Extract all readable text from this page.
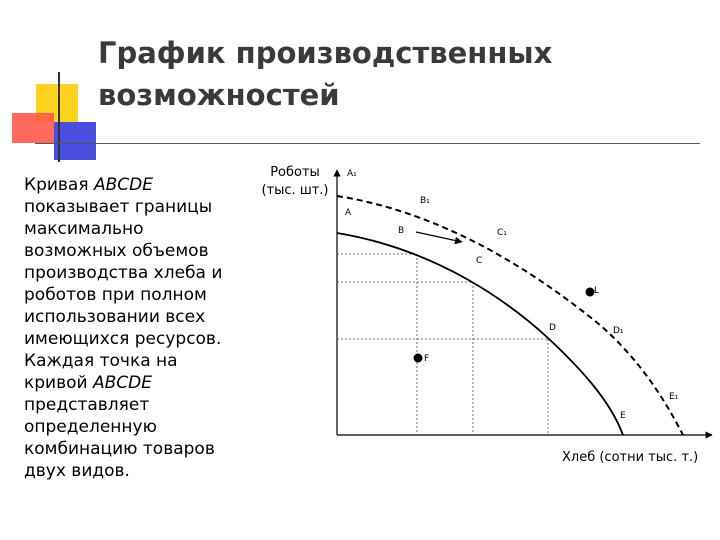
График производственных
возможностей

Кривая ABCDE показывает границы максимально возможных объемов производства хлеба и роботов при полном использовании всех имеющихся ресурсов. Каждая точка на кривой ABCDE представляет определенную комбинацию товаров двух видов.

Роботы
(тыс. шт.)
Хлеб (сотни тыс. т.)
A₁
B₁
A
B	C₁
C
L
D	D₁
F
E₁
E
